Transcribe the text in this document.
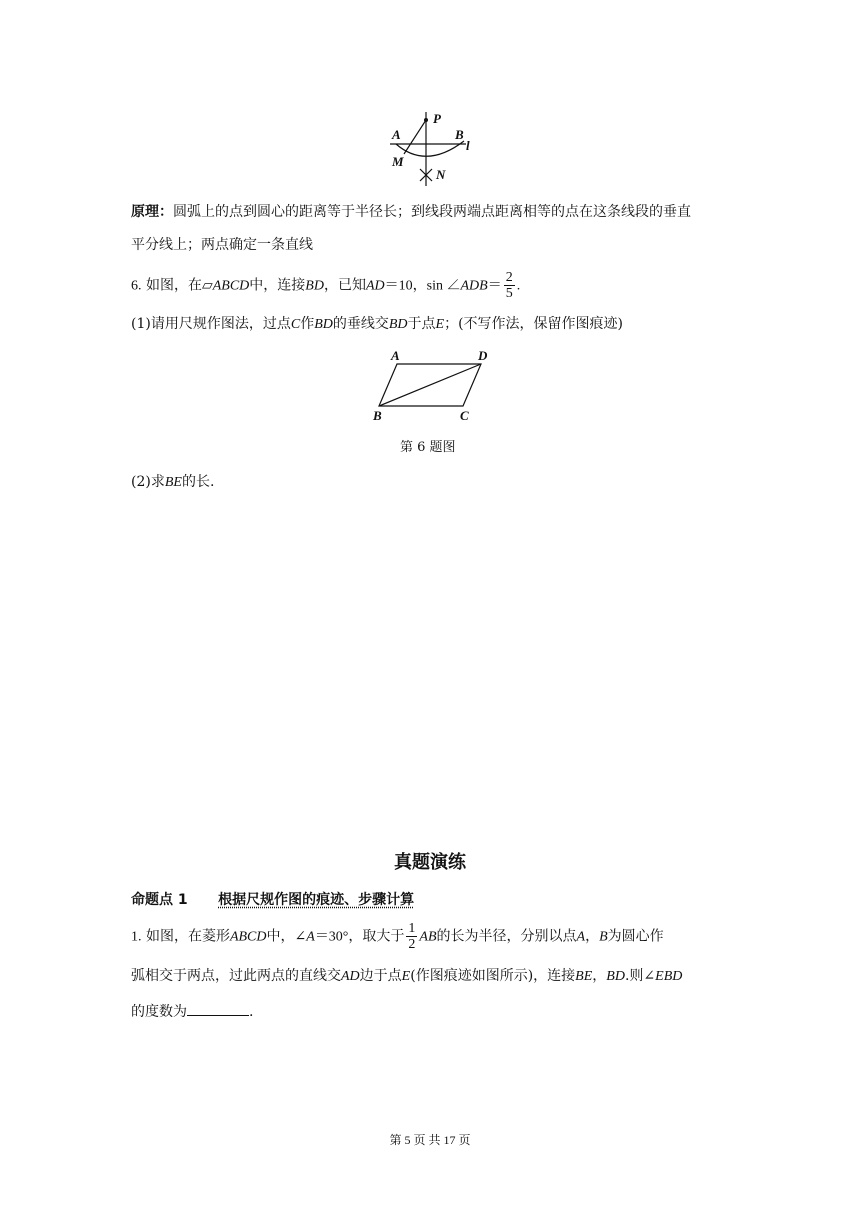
P
A	B
l
M
N
原理：圆弧上的点到圆心的距离等于半径长；到线段两端点距离相等的点在这条线段的垂直
平分线上；两点确定一条直线
6. 如图，在▱ABCD中，连接BD，已知AD＝10，sin ∠ADB＝ $\frac{2}{5}$ .
(1)请用尺规作图法，过点C作BD的垂线交BD于点E；(不写作法，保留作图痕迹)
A	D
B	C
第 6 题图
(2)求BE的长.
真题演练
命题点 1 根据尺规作图的痕迹、步骤计算
1. 如图，在菱形ABCD中，∠A＝30°，取大于 $\frac{1}{2}$ AB的长为半径，分别以点A，B为圆心作
弧相交于两点，过此两点的直线交AD边于点E(作图痕迹如图所示)，连接BE，BD.则∠EBD
的度数为	.
第 5 页 共 17 页
